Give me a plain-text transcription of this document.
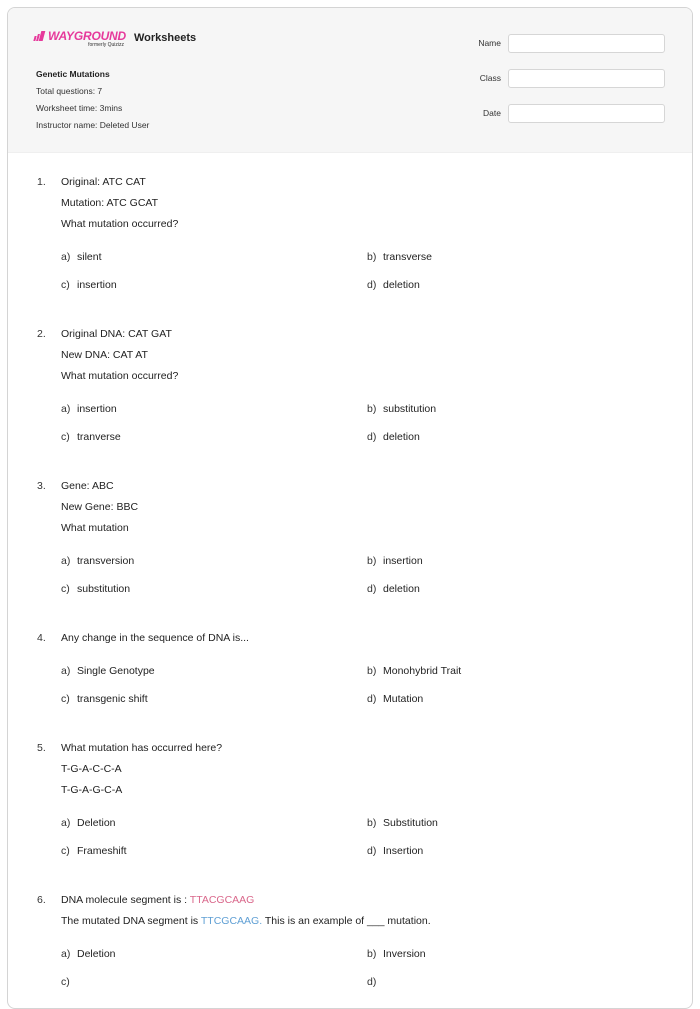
WAYGROUND
formerly Quizizz
Worksheets
Genetic Mutations
Total questions: 7
Worksheet time: 3mins
Instructor name: Deleted User
Name
Class
Date
1. Original: ATC CAT
Mutation: ATC GCAT
What mutation occurred?
a) silent	b) transverse
c) insertion	d) deletion
2. Original DNA: CAT GAT
New DNA: CAT AT
What mutation occurred?
a) insertion	b) substitution
c) tranverse	d) deletion
3. Gene: ABC
New Gene: BBC
What mutation
a) transversion	b) insertion
c) substitution	d) deletion
4. Any change in the sequence of DNA is...
a) Single Genotype	b) Monohybrid Trait
c) transgenic shift	d) Mutation
5. What mutation has occurred here?
T-G-A-C-C-A
T-G-A-G-C-A
a) Deletion	b) Substitution
c) Frameshift	d) Insertion
6. DNA molecule segment is : TTACGCAAG
The mutated DNA segment is TTCGCAAG. This is an example of ___ mutation.
a) Deletion	b) Inversion
c)	d)
